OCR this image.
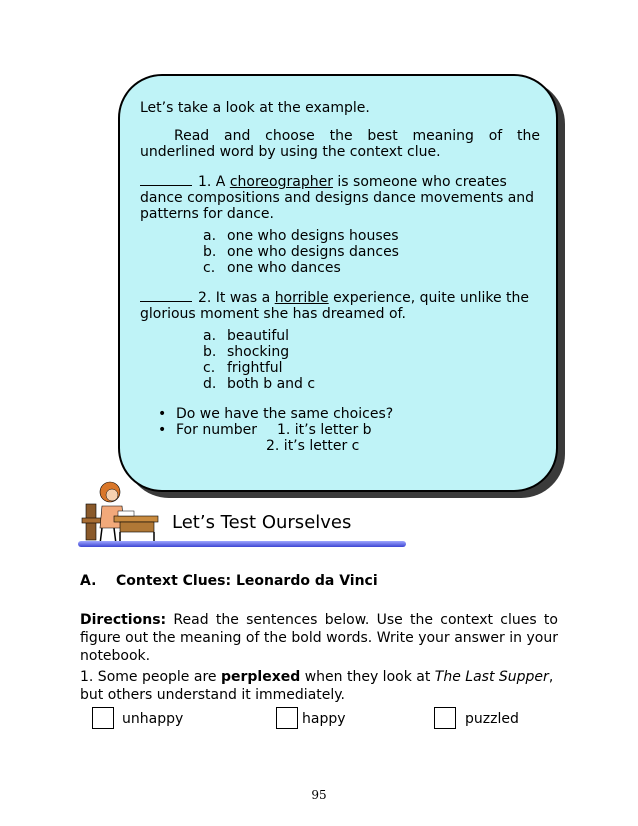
Let’s take a look at the example.

Read and choose the best meaning of the underlined word by using the context clue.

1. A choreographer is someone who creates dance compositions and designs dance movements and patterns for dance.

a. one who designs houses
b. one who designs dances
c. one who dances

2. It was a horrible experience, quite unlike the glorious moment she has dreamed of.

a. beautiful
b. shocking
c. frightful
d. both b and c
• Do we have the same choices?
• For number 1. it’s letter b
2. it’s letter c
Let’s Test Ourselves
A. Context Clues: Leonardo da Vinci
Directions: Read the sentences below. Use the context clues to figure out the meaning of the bold words. Write your answer in your notebook.
1. Some people are perplexed when they look at The Last Supper, but others understand it immediately.
unhappy	happy	puzzled
95
